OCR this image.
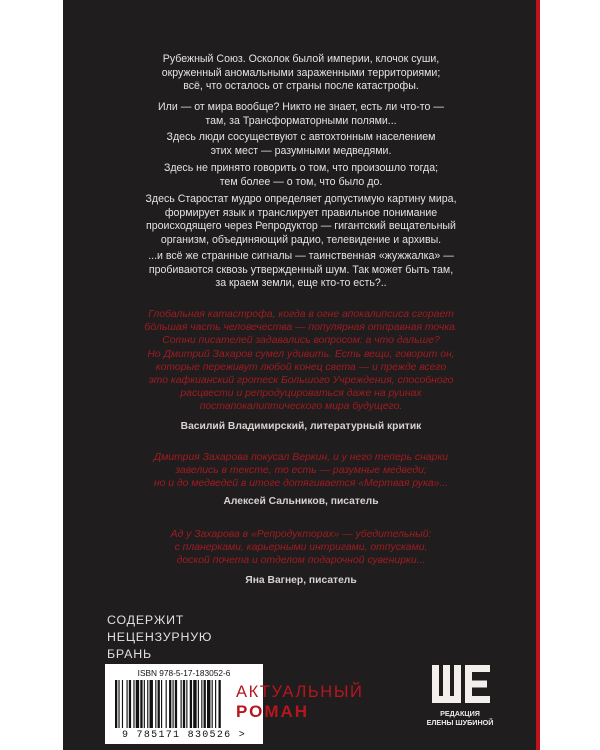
Рубежный Союз. Осколок былой империи, клочок суши,
окруженный аномальными зараженными территориями;
всё, что осталось от страны после катастрофы.

Или — от мира вообще? Никто не знает, есть ли что-то —
там, за Трансформаторными полями...
Здесь люди сосуществуют с автохтонным населением
этих мест — разумными медведями.
Здесь не принято говорить о том, что произошло тогда;
тем более — о том, что было до.
Здесь Старостат мудро определяет допустимую картину мира,
формирует язык и транслирует правильное понимание
происходящего через Репродуктор — гигантский вещательный
организм, объединяющий радио, телевидение и архивы.
...и всё же странные сигналы — таинственная «жужжалка» —
пробиваются сквозь утвержденный шум. Так может быть там,
за краем земли, еще кто-то есть?..
Глобальная катастрофа, когда в огне апокалипсиса сгорает
бóльшая часть человечества — популярная отправная точка.
Сотни писателей задавались вопросом: а что дальше?
Но Дмитрий Захаров сумел удивить. Есть вещи, говорит он,
которые переживут любой конец света — и прежде всего
это кафкианский гротеск Большого Учреждения, способного
расцвести и репродуцироваться даже на руинах
постапокалиптического мира будущего.
Василий Владимирский, литературный критик
Дмитрия Захарова покусал Веркин, и у него теперь снарки
завелись в тексте, то есть — разумные медведи;
но и до медведей в итоге дотягивается «Мертвая рука»...
Алексей Сальников, писатель
Ад у Захарова в «Репродукторах» — убедительный:
с планерками, карьерными интригами, отпусками,
доской почета и отделом подарочной сувенирки...
Яна Вагнер, писатель
СОДЕРЖИТ
НЕЦЕНЗУРНУЮ
БРАНЬ
ISBN 978-5-17-183052-6
9 785171 830526 >
АКТУАЛЬНЫЙ
РОМАН	РЕДАКЦИЯ
ЕЛЕНЫ ШУБИНОЙ
